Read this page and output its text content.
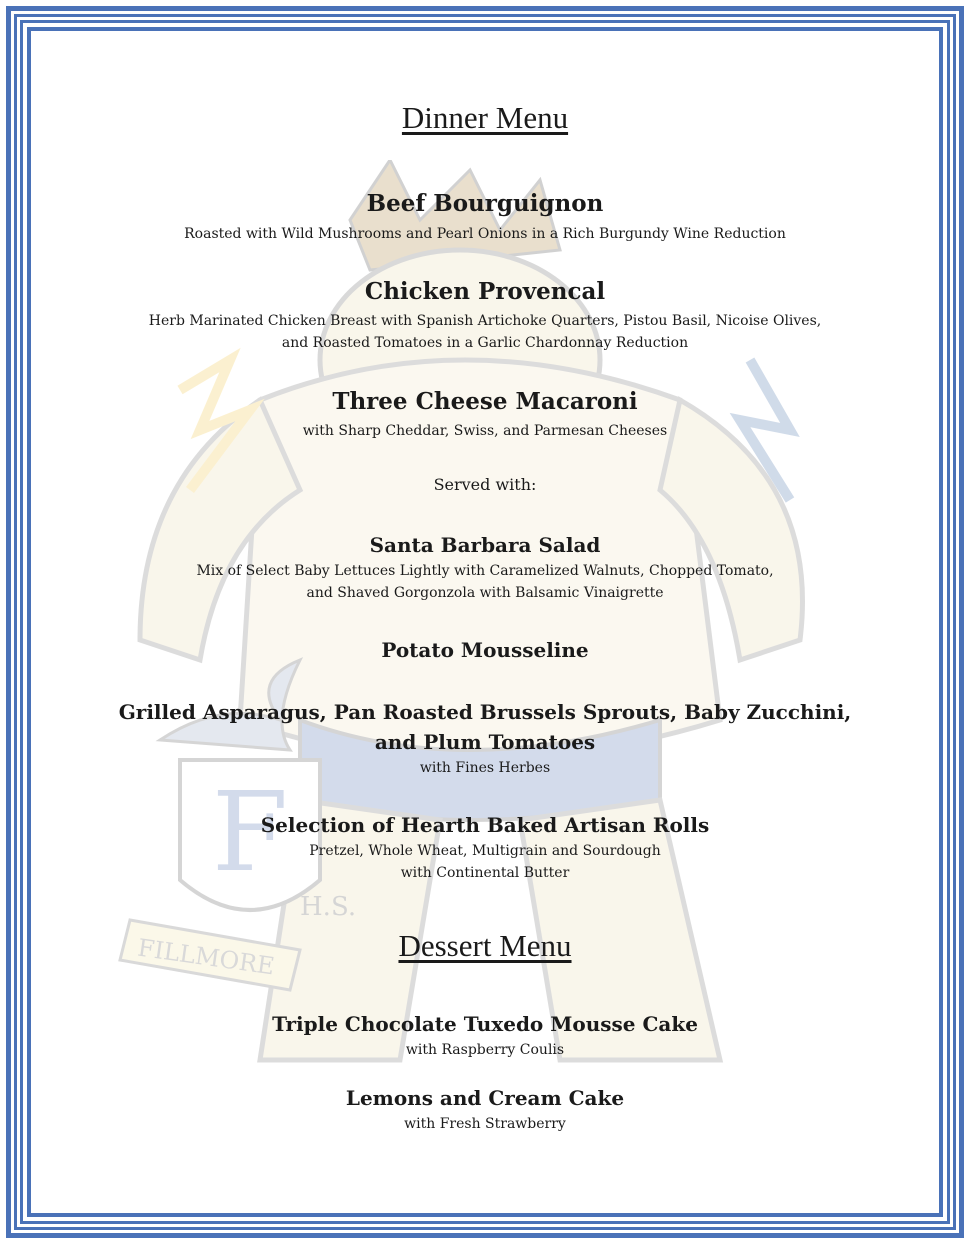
F
H.S.
FILLMORE
Dinner Menu
Beef Bourguignon
Roasted with Wild Mushrooms and Pearl Onions in a Rich Burgundy Wine Reduction
Chicken Provencal
Herb Marinated Chicken Breast with Spanish Artichoke Quarters, Pistou Basil, Nicoise Olives,
and Roasted Tomatoes in a Garlic Chardonnay Reduction
Three Cheese Macaroni
with Sharp Cheddar, Swiss, and Parmesan Cheeses
Served with:
Santa Barbara Salad
Mix of Select Baby Lettuces Lightly with Caramelized Walnuts, Chopped Tomato,
and Shaved Gorgonzola with Balsamic Vinaigrette
Potato Mousseline
Grilled Asparagus, Pan Roasted Brussels Sprouts, Baby Zucchini,
and Plum Tomatoes
with Fines Herbes
Selection of Hearth Baked Artisan Rolls
Pretzel, Whole Wheat, Multigrain and Sourdough
with Continental Butter
Dessert Menu
Triple Chocolate Tuxedo Mousse Cake
with Raspberry Coulis
Lemons and Cream Cake
with Fresh Strawberry
